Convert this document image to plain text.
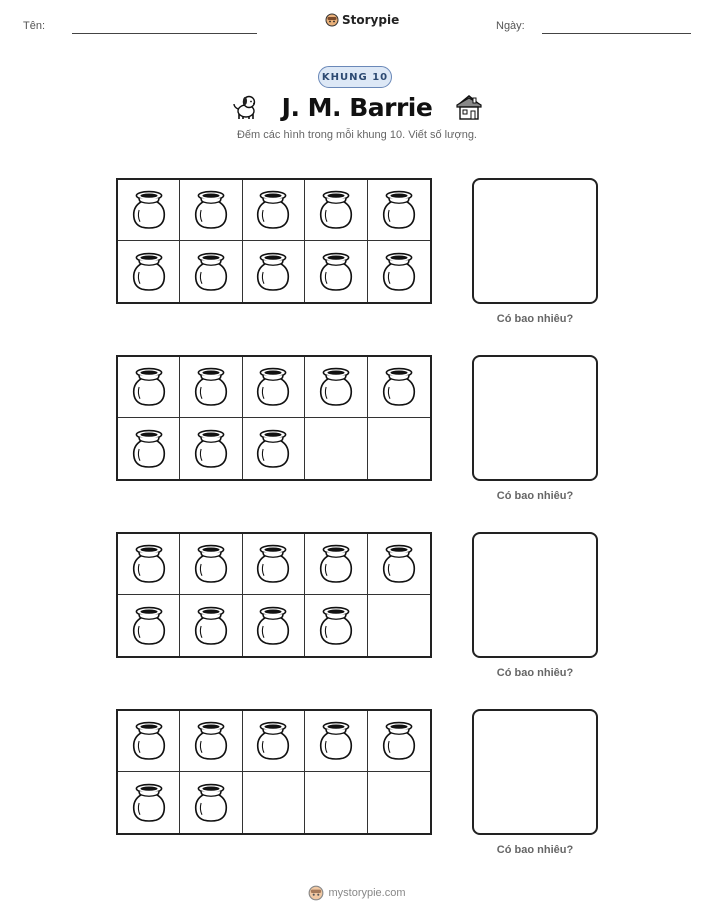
Tên:	Storypie	Ngày:
KHUNG 10
J. M. Barrie
Đếm các hình trong mỗi khung 10. Viết số lượng.
Có bao nhiêu?
Có bao nhiêu?
Có bao nhiêu?
Có bao nhiêu?
mystorypie.com
